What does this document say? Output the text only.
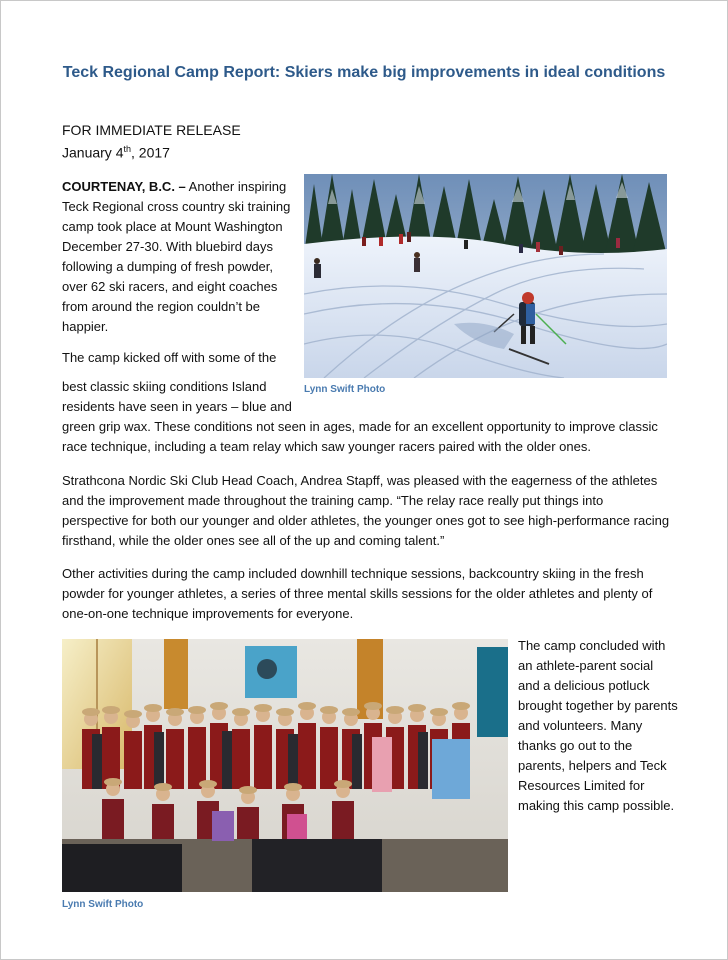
Teck Regional Camp Report: Skiers make big improvements in ideal conditions
FOR IMMEDIATE RELEASE
January 4th, 2017
COURTENAY, B.C. – Another inspiring Teck Regional cross country ski training camp took place at Mount Washington December 27-30. With bluebird days following a dumping of fresh powder, over 62 ski racers, and eight coaches from around the region couldn’t be happier.
The camp kicked off with some of the
best classic skiing conditions Island residents have seen in years – blue and
green grip wax. These conditions not seen in ages, made for an excellent opportunity to improve classic race technique, including a team relay which saw younger racers paired with the older ones.
Strathcona Nordic Ski Club Head Coach, Andrea Stapff, was pleased with the eagerness of the athletes and the improvement made throughout the training camp. “The relay race really put things into perspective for both our younger and older athletes, the younger ones got to see high-performance racing firsthand, while the older ones see all of the up and coming talent.”
Other activities during the camp included downhill technique sessions, backcountry skiing in the fresh powder for younger athletes, a series of three mental skills sessions for the older athletes and plenty of one-on-one technique improvements for everyone.
The camp concluded with an athlete-parent social and a delicious potluck brought together by parents and volunteers. Many thanks go out to the parents, helpers and Teck Resources Limited for making this camp possible.
Lynn Swift Photo
Lynn Swift Photo
